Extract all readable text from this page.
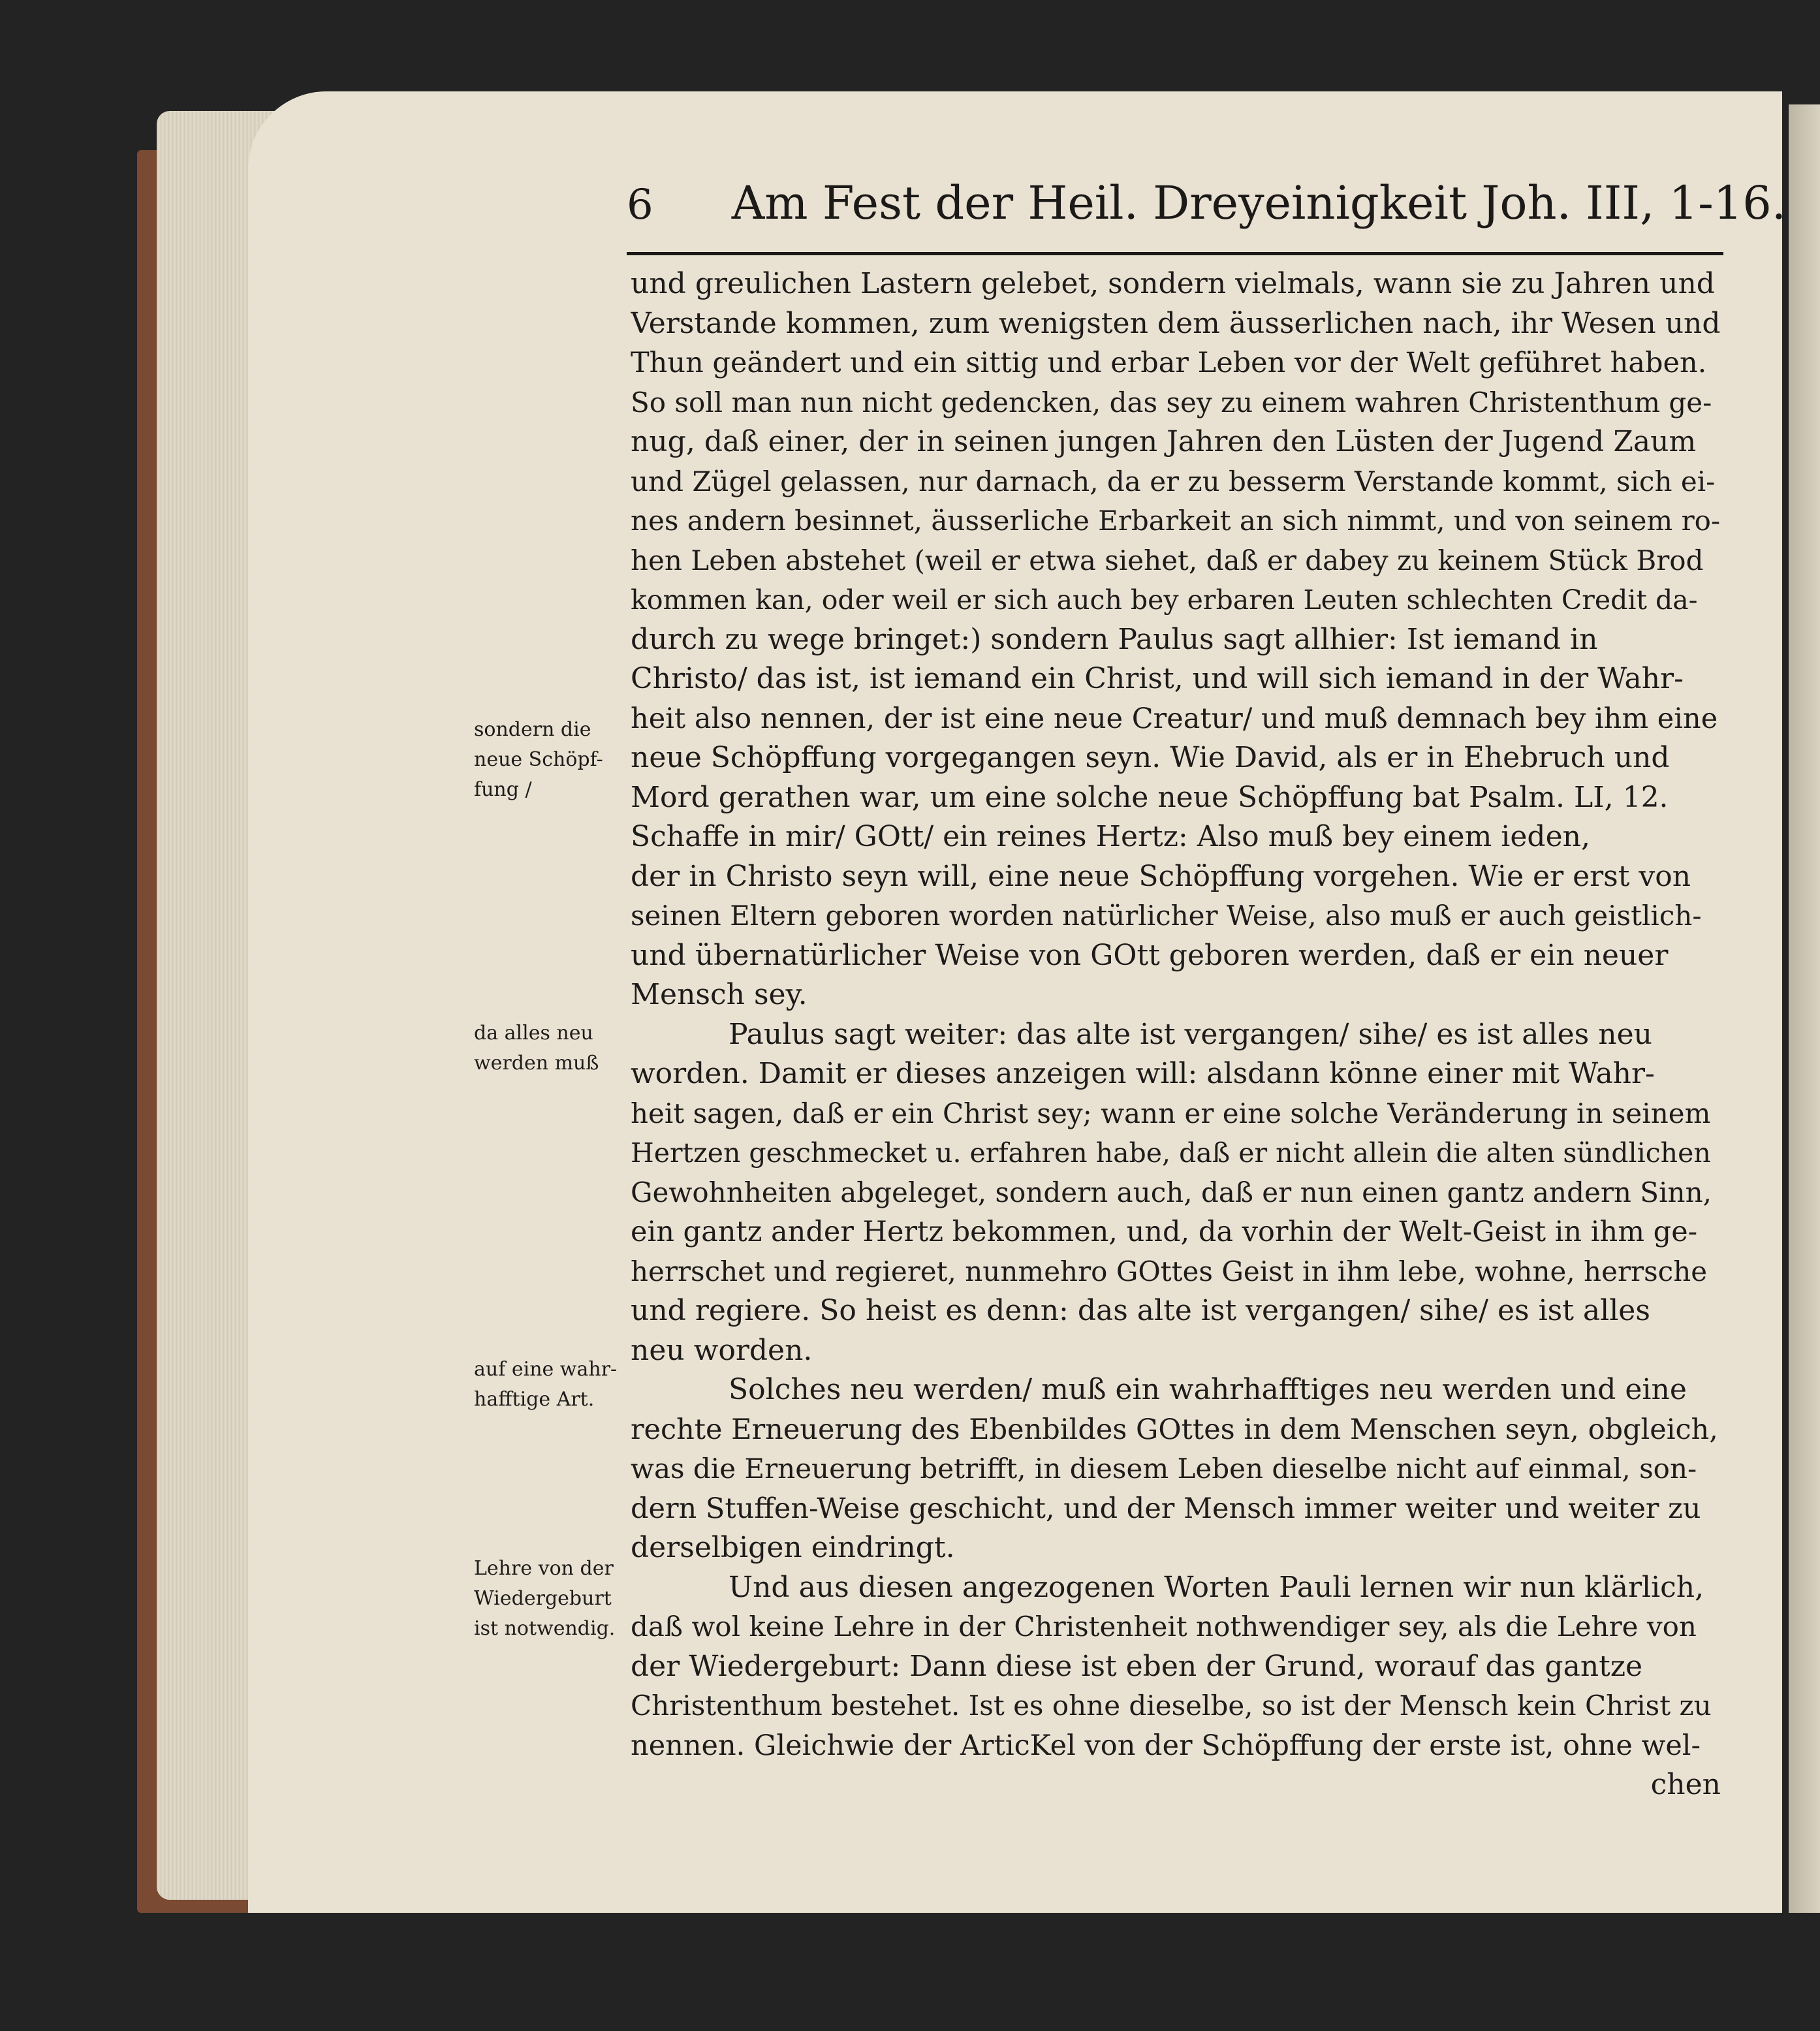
6 Am Fest der Heil. Dreyeinigkeit Joh. III, 1-16.
und greulichen Lastern gelebet, sondern vielmals, wann sie zu Jahren und
Verstande kommen, zum wenigsten dem äusserlichen nach, ihr Wesen und
Thun geändert und ein sittig und erbar Leben vor der Welt geführet haben.
So soll man nun nicht gedencken, das sey zu einem wahren Christenthum ge-
nug, daß einer, der in seinen jungen Jahren den Lüsten der Jugend Zaum
und Zügel gelassen, nur darnach, da er zu besserm Verstande kommt, sich ei-
nes andern besinnet, äusserliche Erbarkeit an sich nimmt, und von seinem ro-
hen Leben abstehet (weil er etwa siehet, daß er dabey zu keinem Stück Brod
kommen kan, oder weil er sich auch bey erbaren Leuten schlechten Credit da-
durch zu wege bringet:) sondern Paulus sagt allhier: Ist iemand in
Christo/ das ist, ist iemand ein Christ, und will sich iemand in der Wahr-
heit also nennen, der ist eine neue Creatur/ und muß demnach bey ihm eine
neue Schöpffung vorgegangen seyn. Wie David, als er in Ehebruch und
Mord gerathen war, um eine solche neue Schöpffung bat Psalm. LI, 12.
Schaffe in mir/ GOtt/ ein reines Hertz: Also muß bey einem ieden,
der in Christo seyn will, eine neue Schöpffung vorgehen. Wie er erst von
seinen Eltern geboren worden natürlicher Weise, also muß er auch geistlich-
und übernatürlicher Weise von GOtt geboren werden, daß er ein neuer
Mensch sey.
Paulus sagt weiter: das alte ist vergangen/ sihe/ es ist alles neu
worden. Damit er dieses anzeigen will: alsdann könne einer mit Wahr-
heit sagen, daß er ein Christ sey; wann er eine solche Veränderung in seinem
Hertzen geschmecket u. erfahren habe, daß er nicht allein die alten sündlichen
Gewohnheiten abgeleget, sondern auch, daß er nun einen gantz andern Sinn,
ein gantz ander Hertz bekommen, und, da vorhin der Welt-Geist in ihm ge-
herrschet und regieret, nunmehro GOttes Geist in ihm lebe, wohne, herrsche
und regiere. So heist es denn: das alte ist vergangen/ sihe/ es ist alles
neu worden.
Solches neu werden/ muß ein wahrhafftiges neu werden und eine
rechte Erneuerung des Ebenbildes GOttes in dem Menschen seyn, obgleich,
was die Erneuerung betrifft, in diesem Leben dieselbe nicht auf einmal, son-
dern Stuffen-Weise geschicht, und der Mensch immer weiter und weiter zu
derselbigen eindringt.
Und aus diesen angezogenen Worten Pauli lernen wir nun klärlich,
daß wol keine Lehre in der Christenheit nothwendiger sey, als die Lehre von
der Wiedergeburt: Dann diese ist eben der Grund, worauf das gantze
Christenthum bestehet. Ist es ohne dieselbe, so ist der Mensch kein Christ zu
nennen. Gleichwie der ArticKel von der Schöpffung der erste ist, ohne wel-
chen
sondern die
neue Schöpf-
fung /
da alles neu
werden muß
auf eine wahr-
hafftige Art.
Lehre von der
Wiedergeburt
ist notwendig.
